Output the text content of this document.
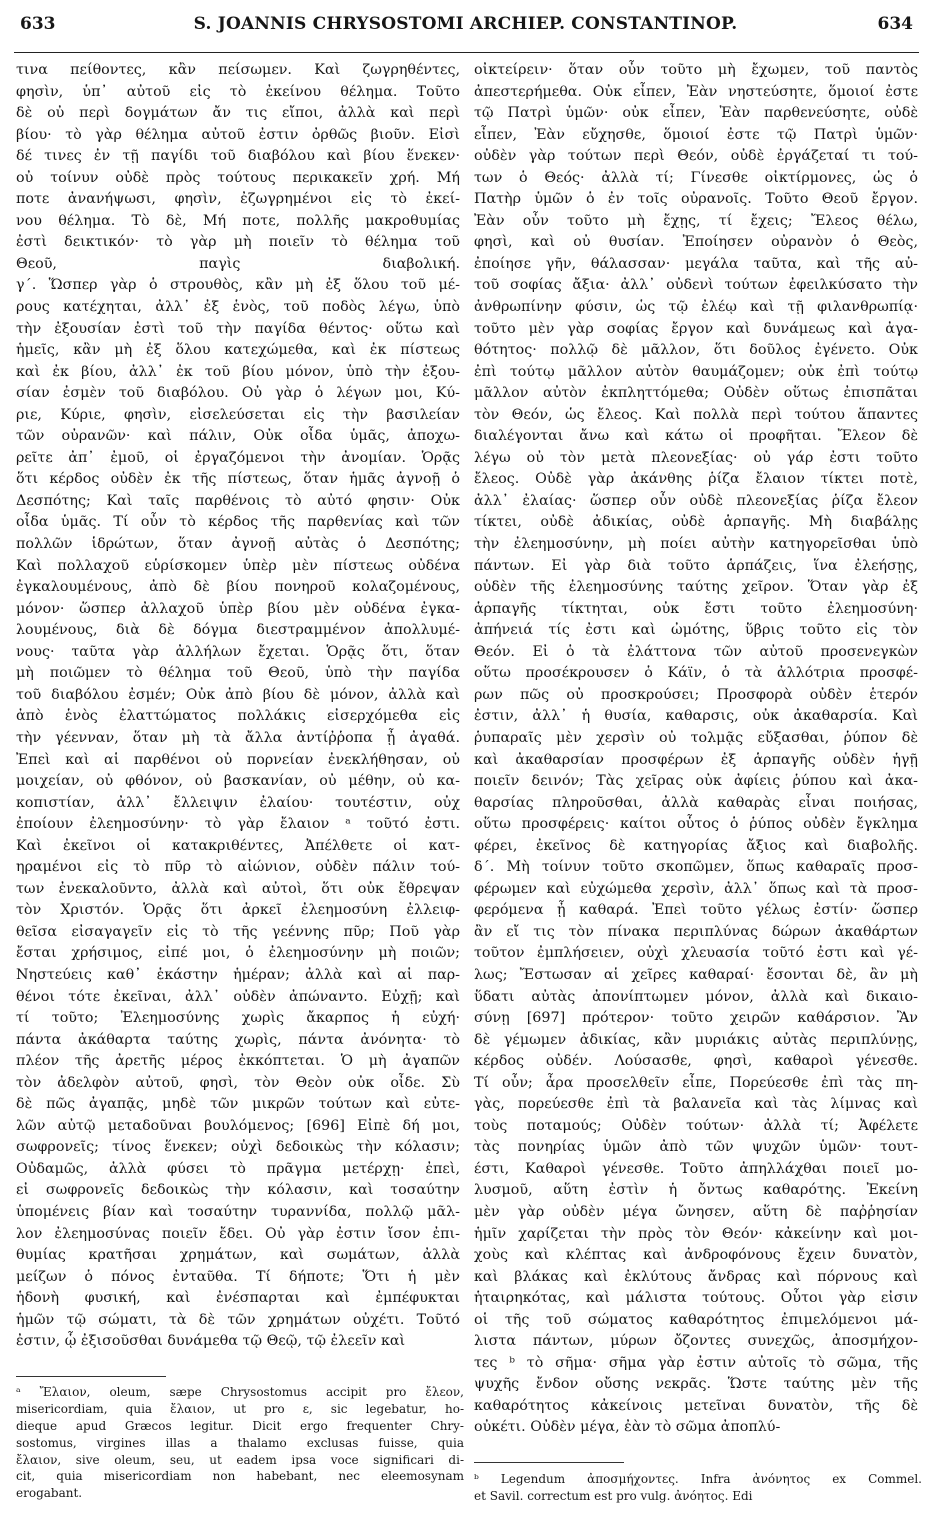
633	S. JOANNIS CHRYSOSTOMI ARCHIEP. CONSTANTINOP.	634
τινα πείθοντες, κἂν πείσωμεν. Καὶ ζωγρηθέντες,
φησὶν, ὑπ᾽ αὐτοῦ εἰς τὸ ἐκείνου θέλημα. Τοῦτο
δὲ οὐ περὶ δογμάτων ἄν τις εἴποι, ἀλλὰ καὶ περὶ
βίου· τὸ γὰρ θέλημα αὐτοῦ ἐστιν ὀρθῶς βιοῦν. Εἰσὶ
δέ τινες ἐν τῇ παγίδι τοῦ διαβόλου καὶ βίου ἕνεκεν·
οὐ τοίνυν οὐδὲ πρὸς τούτους περικακεῖν χρή. Μή
ποτε ἀνανήψωσι, φησὶν, ἐζωγρημένοι εἰς τὸ ἐκεί-
νου θέλημα. Τὸ δὲ, Μή ποτε, πολλῆς μακροθυμίας
ἐστὶ δεικτικόν· τὸ γὰρ μὴ ποιεῖν τὸ θέλημα τοῦ
Θεοῦ, παγὶς διαβολική.
γ΄. Ὥσπερ γὰρ ὁ στρουθὸς, κἂν μὴ ἐξ ὅλου τοῦ μέ-
ρους κατέχηται, ἀλλ᾽ ἐξ ἑνὸς, τοῦ ποδὸς λέγω, ὑπὸ
τὴν ἐξουσίαν ἐστὶ τοῦ τὴν παγίδα θέντος· οὕτω καὶ
ἡμεῖς, κἂν μὴ ἐξ ὅλου κατεχώμεθα, καὶ ἐκ πίστεως
καὶ ἐκ βίου, ἀλλ᾽ ἐκ τοῦ βίου μόνον, ὑπὸ τὴν ἐξου-
σίαν ἐσμὲν τοῦ διαβόλου. Οὐ γὰρ ὁ λέγων μοι, Κύ-
ριε, Κύριε, φησὶν, εἰσελεύσεται εἰς τὴν βασιλείαν
τῶν οὐρανῶν· καὶ πάλιν, Οὐκ οἶδα ὑμᾶς, ἀποχω-
ρεῖτε ἀπ᾽ ἐμοῦ, οἱ ἐργαζόμενοι τὴν ἀνομίαν. Ὁρᾷς
ὅτι κέρδος οὐδὲν ἐκ τῆς πίστεως, ὅταν ἡμᾶς ἀγνοῇ ὁ
Δεσπότης; Καὶ ταῖς παρθένοις τὸ αὐτό φησιν· Οὐκ
οἶδα ὑμᾶς. Τί οὖν τὸ κέρδος τῆς παρθενίας καὶ τῶν
πολλῶν ἱδρώτων, ὅταν ἀγνοῇ αὐτὰς ὁ Δεσπότης;
Καὶ πολλαχοῦ εὑρίσκομεν ὑπὲρ μὲν πίστεως οὐδένα
ἐγκαλουμένους, ἀπὸ δὲ βίου πονηροῦ κολαζομένους,
μόνον· ὥσπερ ἀλλαχοῦ ὑπὲρ βίου μὲν οὐδένα ἐγκα-
λουμένους, διὰ δὲ δόγμα διεστραμμένον ἀπολλυμέ-
νους· ταῦτα γὰρ ἀλλήλων ἔχεται. Ὁρᾷς ὅτι, ὅταν
μὴ ποιῶμεν τὸ θέλημα τοῦ Θεοῦ, ὑπὸ τὴν παγίδα
τοῦ διαβόλου ἐσμέν; Οὐκ ἀπὸ βίου δὲ μόνον, ἀλλὰ καὶ
ἀπὸ ἑνὸς ἐλαττώματος πολλάκις εἰσερχόμεθα εἰς
τὴν γέενναν, ὅταν μὴ τὰ ἄλλα ἀντίῤῥοπα ᾖ ἀγαθά.
Ἐπεὶ καὶ αἱ παρθένοι οὐ πορνείαν ἐνεκλήθησαν, οὐ
μοιχείαν, οὐ φθόνον, οὐ βασκανίαν, οὐ μέθην, οὐ κα-
κοπιστίαν, ἀλλ᾽ ἔλλειψιν ἐλαίου· τουτέστιν, οὐχ
ἐποίουν ἐλεημοσύνην· τὸ γὰρ ἔλαιον ᵃ τοῦτό ἐστι.
Καὶ ἐκεῖνοι οἱ κατακριθέντες, Ἀπέλθετε οἱ κατ-
ηραμένοι εἰς τὸ πῦρ τὸ αἰώνιον, οὐδὲν πάλιν τού-
των ἐνεκαλοῦντο, ἀλλὰ καὶ αὐτοὶ, ὅτι οὐκ ἔθρεψαν
τὸν Χριστόν. Ὁρᾷς ὅτι ἀρκεῖ ἐλεημοσύνη ἐλλειφ-
θεῖσα εἰσαγαγεῖν εἰς τὸ τῆς γεέννης πῦρ; Ποῦ γὰρ
ἔσται χρήσιμος, εἰπέ μοι, ὁ ἐλεημοσύνην μὴ ποιῶν;
Νηστεύεις καθ᾽ ἑκάστην ἡμέραν; ἀλλὰ καὶ αἱ παρ-
θένοι τότε ἐκεῖναι, ἀλλ᾽ οὐδὲν ἀπώναντο. Εὐχῇ; καὶ
τί τοῦτο; Ἐλεημοσύνης χωρὶς ἄκαρπος ἡ εὐχή·
πάντα ἀκάθαρτα ταύτης χωρὶς, πάντα ἀνόνητα· τὸ
πλέον τῆς ἀρετῆς μέρος ἐκκόπτεται. Ὁ μὴ ἀγαπῶν
τὸν ἀδελφὸν αὐτοῦ, φησὶ, τὸν Θεὸν οὐκ οἶδε. Σὺ
δὲ πῶς ἀγαπᾷς, μηδὲ τῶν μικρῶν τούτων καὶ εὐτε-
λῶν αὐτῷ μεταδοῦναι βουλόμενος; [696] Εἰπὲ δή μοι,
σωφρονεῖς; τίνος ἕνεκεν; οὐχὶ δεδοικὼς τὴν κόλασιν;
Οὐδαμῶς, ἀλλὰ φύσει τὸ πρᾶγμα μετέρχῃ· ἐπεὶ,
εἰ σωφρονεῖς δεδοικὼς τὴν κόλασιν, καὶ τοσαύτην
ὑπομένεις βίαν καὶ τοσαύτην τυραννίδα, πολλῷ μᾶλ-
λον ἐλεημοσύνας ποιεῖν ἔδει. Οὐ γὰρ ἐστιν ἴσον ἐπι-
θυμίας κρατῆσαι χρημάτων, καὶ σωμάτων, ἀλλὰ
μείζων ὁ πόνος ἐνταῦθα. Τί δήποτε; Ὅτι ἡ μὲν
ἡδονὴ φυσική, καὶ ἐνέσπαρται καὶ ἐμπέφυκται
ἡμῶν τῷ σώματι, τὰ δὲ τῶν χρημάτων οὐχέτι. Τοῦτό
ἐστιν, ᾧ ἐξισοῦσθαι δυνάμεθα τῷ Θεῷ, τῷ ἐλεεῖν καὶ
οἰκτείρειν· ὅταν οὖν τοῦτο μὴ ἔχωμεν, τοῦ παντὸς
ἀπεστερήμεθα. Οὐκ εἶπεν, Ἐὰν νηστεύσητε, ὅμοιοί ἐστε
τῷ Πατρὶ ὑμῶν· οὐκ εἶπεν, Ἐὰν παρθενεύσητε, οὐδὲ
εἶπεν, Ἐὰν εὔχησθε, ὅμοιοί ἐστε τῷ Πατρὶ ὑμῶν·
οὐδὲν γὰρ τούτων περὶ Θεόν, οὐδὲ ἐργάζεταί τι τού-
των ὁ Θεός· ἀλλὰ τί; Γίνεσθε οἰκτίρμονες, ὡς ὁ
Πατὴρ ὑμῶν ὁ ἐν τοῖς οὐρανοῖς. Τοῦτο Θεοῦ ἔργον.
Ἐὰν οὖν τοῦτο μὴ ἔχῃς, τί ἔχεις; Ἔλεος θέλω,
φησὶ, καὶ οὐ θυσίαν. Ἐποίησεν οὐρανὸν ὁ Θεὸς,
ἐποίησε γῆν, θάλασσαν· μεγάλα ταῦτα, καὶ τῆς αὐ-
τοῦ σοφίας ἄξια· ἀλλ᾽ οὐδενὶ τούτων ἐφειλκύσατο τὴν
ἀνθρωπίνην φύσιν, ὡς τῷ ἐλέῳ καὶ τῇ φιλανθρωπίᾳ·
τοῦτο μὲν γὰρ σοφίας ἔργον καὶ δυνάμεως καὶ ἀγα-
θότητος· πολλῷ δὲ μᾶλλον, ὅτι δοῦλος ἐγένετο. Οὐκ
ἐπὶ τούτῳ μᾶλλον αὐτὸν θαυμάζομεν; οὐκ ἐπὶ τούτῳ
μᾶλλον αὐτὸν ἐκπληττόμεθα; Οὐδὲν οὕτως ἐπισπᾶται
τὸν Θεόν, ὡς ἔλεος. Καὶ πολλὰ περὶ τούτου ἅπαντες
διαλέγονται ἄνω καὶ κάτω οἱ προφῆται. Ἔλεον δὲ
λέγω οὐ τὸν μετὰ πλεονεξίας· οὐ γάρ ἐστι τοῦτο
ἔλεος. Οὐδὲ γὰρ ἀκάνθης ῥίζα ἔλαιον τίκτει ποτὲ,
ἀλλ᾽ ἐλαίας· ὥσπερ οὖν οὐδὲ πλεονεξίας ῥίζα ἔλεον
τίκτει, οὐδὲ ἀδικίας, οὐδὲ ἁρπαγῆς. Μὴ διαβάλῃς
τὴν ἐλεημοσύνην, μὴ ποίει αὐτὴν κατηγορεῖσθαι ὑπὸ
πάντων. Εἰ γὰρ διὰ τοῦτο ἁρπάζεις, ἵνα ἐλεήσῃς,
οὐδὲν τῆς ἐλεημοσύνης ταύτης χεῖρον. Ὅταν γὰρ ἐξ
ἁρπαγῆς τίκτηται, οὐκ ἔστι τοῦτο ἐλεημοσύνη·
ἀπήνειά τίς ἐστι καὶ ὠμότης, ὕβρις τοῦτο εἰς τὸν
Θεόν. Εἰ ὁ τὰ ἐλάττονα τῶν αὐτοῦ προσενεγκὼν
οὕτω προσέκρουσεν ὁ Κάϊν, ὁ τὰ ἀλλότρια προσφέ-
ρων πῶς οὐ προσκρούσει; Προσφορὰ οὐδὲν ἑτερόν
ἐστιν, ἀλλ᾽ ἡ θυσία, καθαρσις, οὐκ ἀκαθαρσία. Καὶ
ῥυπαραῖς μὲν χερσὶν οὐ τολμᾷς εὔξασθαι, ῥύπον δὲ
καὶ ἀκαθαρσίαν προσφέρων ἐξ ἁρπαγῆς οὐδὲν ἡγῇ
ποιεῖν δεινόν; Τὰς χεῖρας οὐκ ἀφίεις ῥύπου καὶ ἀκα-
θαρσίας πληροῦσθαι, ἀλλὰ καθαρὰς εἶναι ποιήσας,
οὕτω προσφέρεις· καίτοι οὗτος ὁ ῥύπος οὐδὲν ἔγκλημα
φέρει, ἐκεῖνος δὲ κατηγορίας ἄξιος καὶ διαβολῆς.
δ΄. Μὴ τοίνυν τοῦτο σκοπῶμεν, ὅπως καθαραῖς προσ-
φέρωμεν καὶ εὐχώμεθα χερσὶν, ἀλλ᾽ ὅπως καὶ τὰ προσ-
φερόμενα ᾖ καθαρά. Ἐπεὶ τοῦτο γέλως ἐστίν· ὥσπερ
ἂν εἴ τις τὸν πίνακα περιπλύνας δώρων ἀκαθάρτων
τοῦτον ἐμπλήσειεν, οὐχὶ χλευασία τοῦτό ἐστι καὶ γέ-
λως; Ἔστωσαν αἱ χεῖρες καθαραί· ἔσονται δὲ, ἂν μὴ
ὕδατι αὐτὰς ἀπονίπτωμεν μόνον, ἀλλὰ καὶ δικαιο-
σύνῃ [697] πρότερον· τοῦτο χειρῶν καθάρσιον. Ἂν
δὲ γέμωμεν ἀδικίας, κἂν μυριάκις αὐτὰς περιπλύνῃς,
κέρδος οὐδέν. Λούσασθε, φησὶ, καθαροὶ γένεσθε.
Τί οὖν; ἆρα προσελθεῖν εἶπε, Πορεύεσθε ἐπὶ τὰς πη-
γὰς, πορεύεσθε ἐπὶ τὰ βαλανεῖα καὶ τὰς λίμνας καὶ
τοὺς ποταμούς; Οὐδὲν τούτων· ἀλλὰ τί; Ἀφέλετε
τὰς πονηρίας ὑμῶν ἀπὸ τῶν ψυχῶν ὑμῶν· τουτ-
έστι, Καθαροὶ γένεσθε. Τοῦτο ἀπηλλάχθαι ποιεῖ μο-
λυσμοῦ, αὕτη ἐστὶν ἡ ὄντως καθαρότης. Ἐκείνη
μὲν γὰρ οὐδὲν μέγα ὤνησεν, αὕτη δὲ παῤῥησίαν
ἡμῖν χαρίζεται τὴν πρὸς τὸν Θεόν· κἀκείνην καὶ μοι-
χοὺς καὶ κλέπτας καὶ ἀνδροφόνους ἔχειν δυνατὸν,
καὶ βλάκας καὶ ἐκλύτους ἄνδρας καὶ πόρνους καὶ
ἡταιρηκότας, καὶ μάλιστα τούτους. Οὗτοι γὰρ εἰσιν
οἱ τῆς τοῦ σώματος καθαρότητος ἐπιμελόμενοι μά-
λιστα πάντων, μύρων ὄζοντες συνεχῶς, ἀποσμήχον-
τες ᵇ τὸ σῆμα· σῆμα γὰρ ἐστιν αὐτοῖς τὸ σῶμα, τῆς
ψυχῆς ἔνδον οὔσης νεκρᾶς. Ὥστε ταύτης μὲν τῆς
καθαρότητος κἀκείνοις μετεῖναι δυνατὸν, τῆς δὲ
οὐκέτι. Οὐδὲν μέγα, ἐὰν τὸ σῶμα ἀποπλύ-
ᵃ Ἔλαιον, oleum, sæpe Chrysostomus accipit pro ἔλεον,
misericordiam, quia ἔλαιον, ut pro ε, sic legebatur, ho-
dieque apud Græcos legitur. Dicit ergo frequenter Chry-
sostomus, virgines illas a thalamo exclusas fuisse, quia
ἔλαιον, sive oleum, seu, ut eadem ipsa voce significari di-
cit, quia misericordiam non habebant, nec eleemosynam
erogabant.
ᵇ Legendum ἀποσμήχοντες. Infra ἀνόνητος ex Commel.
et Savil. correctum est pro vulg. ἀνόητος. Edi
